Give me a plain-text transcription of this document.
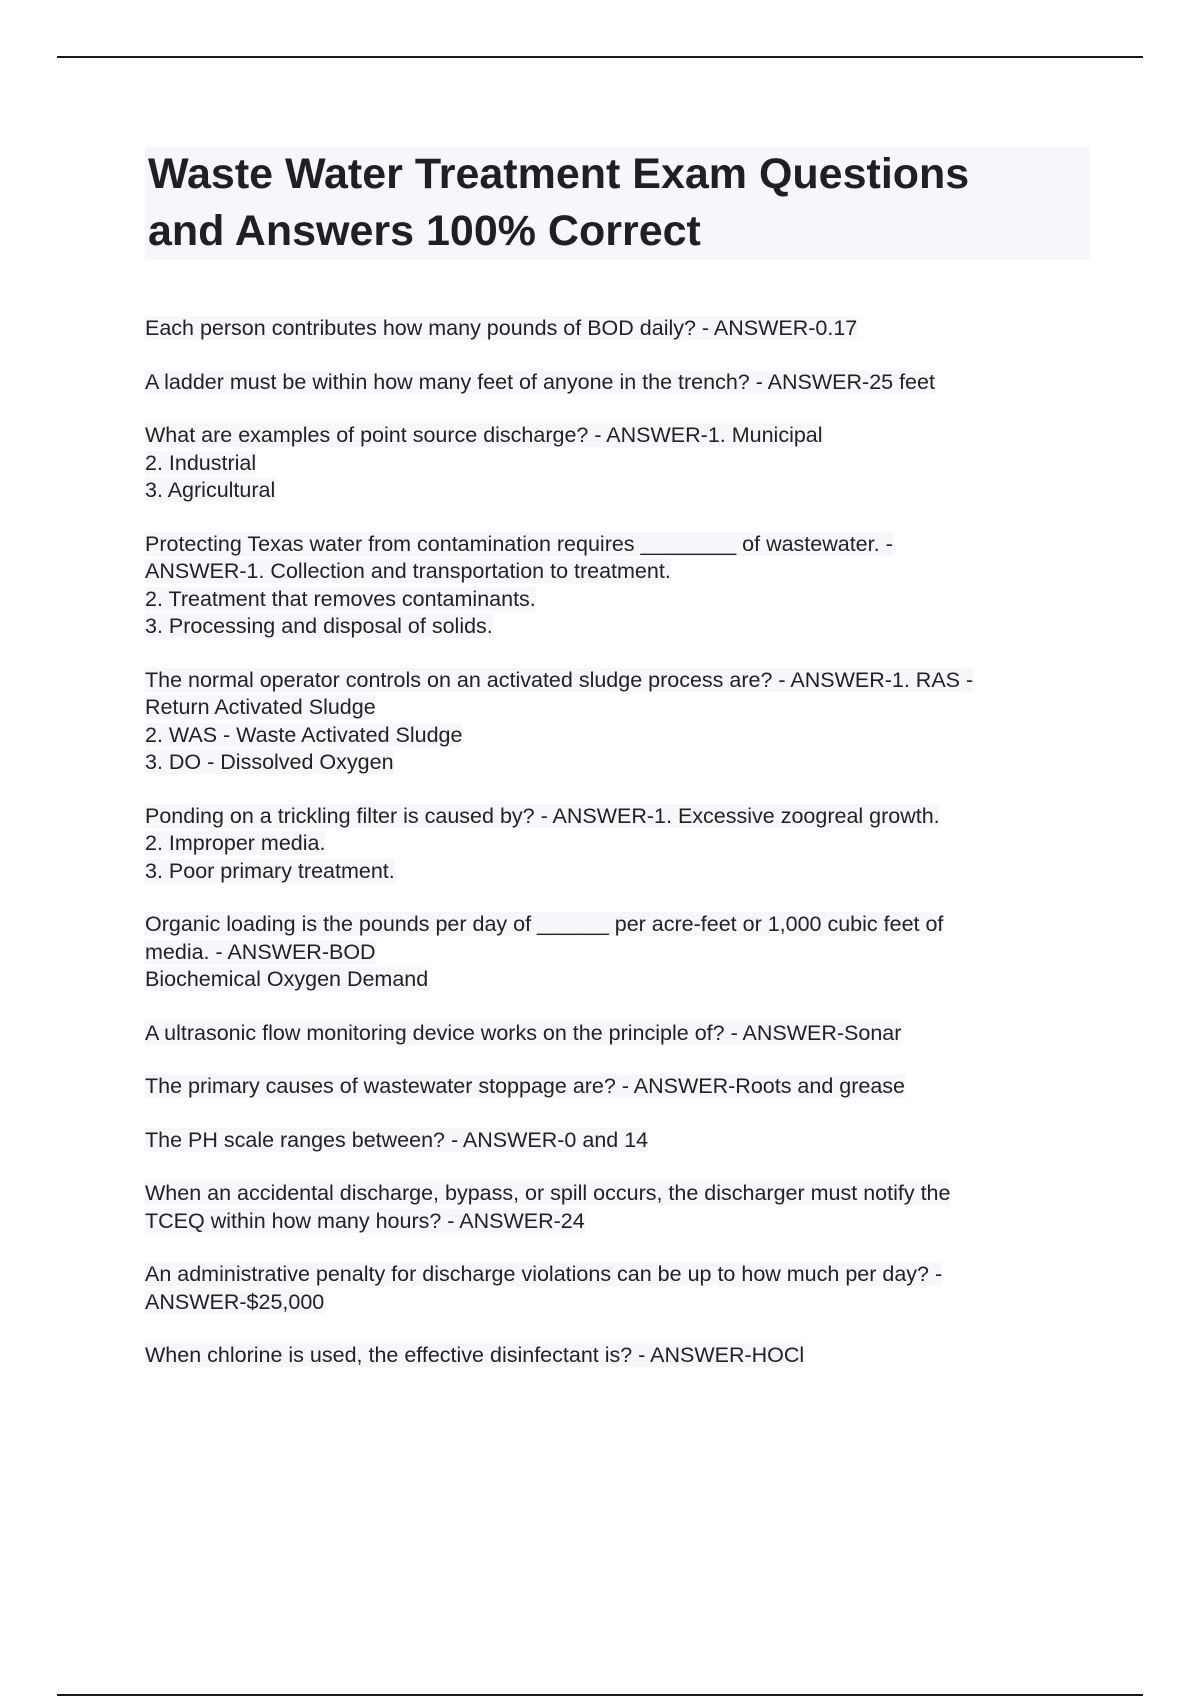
Waste Water Treatment Exam Questions
and Answers 100% Correct
Each person contributes how many pounds of BOD daily? - ANSWER-0.17
A ladder must be within how many feet of anyone in the trench? - ANSWER-25 feet
What are examples of point source discharge? - ANSWER-1. Municipal
2. Industrial
3. Agricultural
Protecting Texas water from contamination requires ________ of wastewater. -
ANSWER-1. Collection and transportation to treatment.
2. Treatment that removes contaminants.
3. Processing and disposal of solids.
The normal operator controls on an activated sludge process are? - ANSWER-1. RAS -
Return Activated Sludge
2. WAS - Waste Activated Sludge
3. DO - Dissolved Oxygen
Ponding on a trickling filter is caused by? - ANSWER-1. Excessive zoogreal growth.
2. Improper media.
3. Poor primary treatment.
Organic loading is the pounds per day of ______ per acre-feet or 1,000 cubic feet of
media. - ANSWER-BOD
Biochemical Oxygen Demand
A ultrasonic flow monitoring device works on the principle of? - ANSWER-Sonar
The primary causes of wastewater stoppage are? - ANSWER-Roots and grease
The PH scale ranges between? - ANSWER-0 and 14
When an accidental discharge, bypass, or spill occurs, the discharger must notify the
TCEQ within how many hours? - ANSWER-24
An administrative penalty for discharge violations can be up to how much per day? -
ANSWER-$25,000
When chlorine is used, the effective disinfectant is? - ANSWER-HOCl
